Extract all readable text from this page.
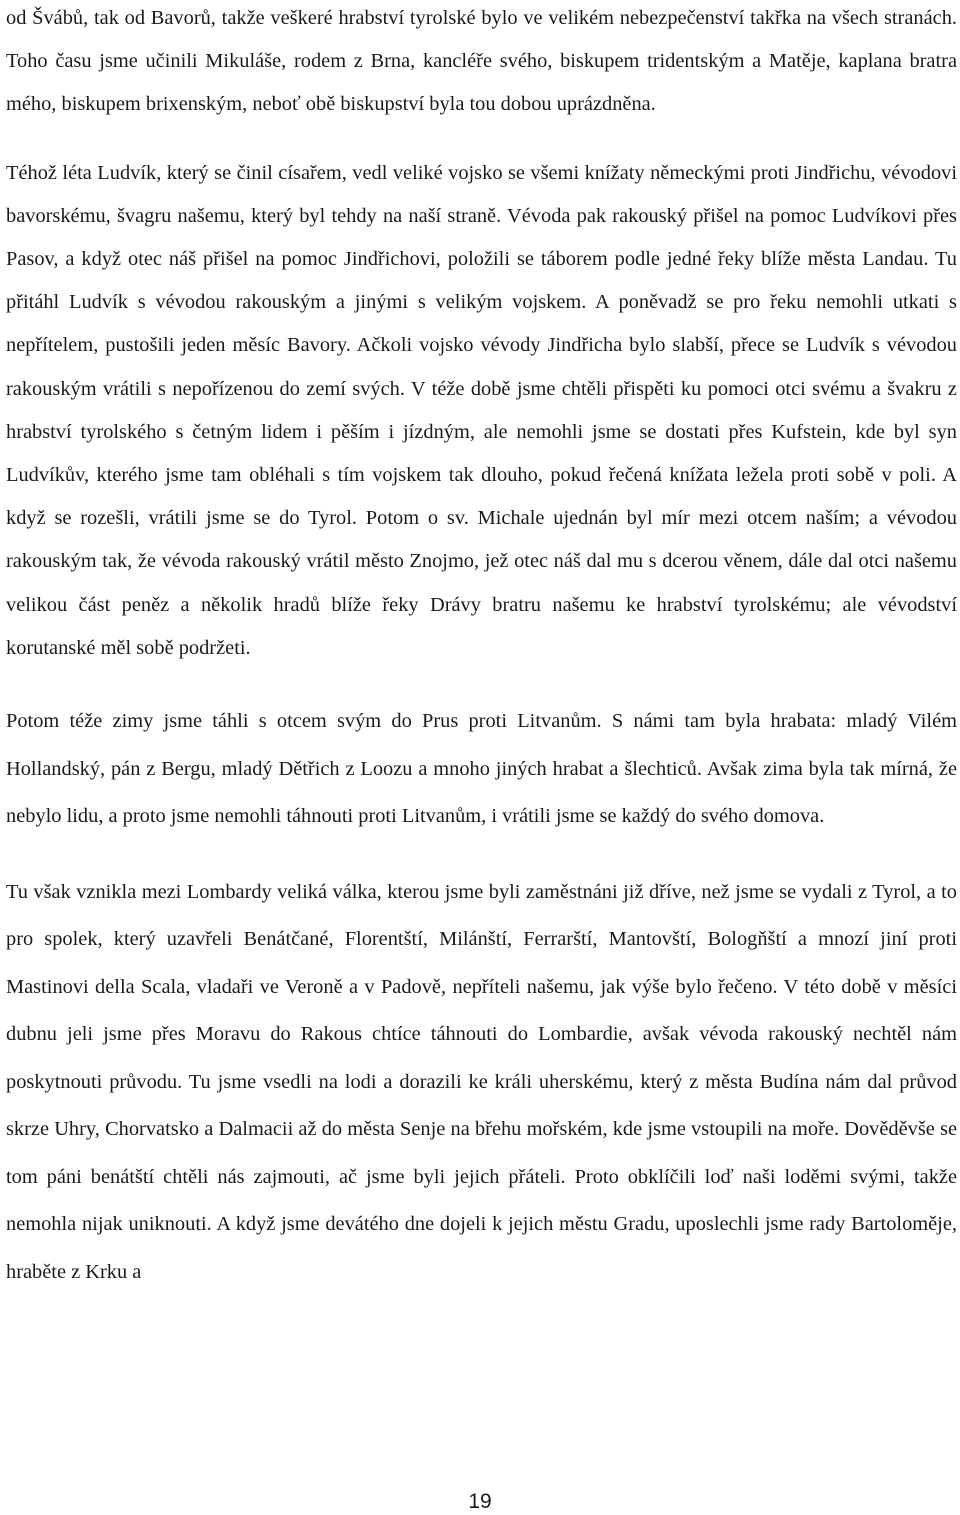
od Švábů, tak od Bavorů, takže veškeré hrabství tyrolské bylo ve velikém nebezpečenství takřka na všech stranách. Toho času jsme učinili Mikuláše, rodem z Brna, kancléře svého, biskupem tridentským a Matěje, kaplana bratra mého, biskupem brixenským, neboť obě biskupství byla tou dobou uprázdněna.

Téhož léta Ludvík, který se činil císařem, vedl veliké vojsko se všemi knížaty německými proti Jindřichu, vévodovi bavorskému, švagru našemu, který byl tehdy na naší straně. Vévoda pak rakouský přišel na pomoc Ludvíkovi přes Pasov, a když otec náš přišel na pomoc Jindřichovi, položili se táborem podle jedné řeky blíže města Landau. Tu přitáhl Ludvík s vévodou rakouským a jinými s velikým vojskem. A poněvadž se pro řeku nemohli utkati s nepřítelem, pustošili jeden měsíc Bavory. Ačkoli vojsko vévody Jindřicha bylo slabší, přece se Ludvík s vévodou rakouským vrátili s nepořízenou do zemí svých. V téže době jsme chtěli přispěti ku pomoci otci svému a švakru z hrabství tyrolského s četným lidem i pěším i jízdným, ale nemohli jsme se dostati přes Kufstein, kde byl syn Ludvíkův, kterého jsme tam obléhali s tím vojskem tak dlouho, pokud řečená knížata ležela proti sobě v poli. A když se rozešli, vrátili jsme se do Tyrol. Potom o sv. Michale ujednán byl mír mezi otcem naším; a vévodou rakouským tak, že vévoda rakouský vrátil město Znojmo, jež otec náš dal mu s dcerou věnem, dále dal otci našemu velikou část peněz a několik hradů blíže řeky Drávy bratru našemu ke hrabství tyrolskému; ale vévodství korutanské měl sobě podržeti.

Potom téže zimy jsme táhli s otcem svým do Prus proti Litvanům. S námi tam byla hrabata: mladý Vilém Hollandský, pán z Bergu, mladý Dětřich z Loozu a mnoho jiných hrabat a šlechticů. Avšak zima byla tak mírná, že nebylo lidu, a proto jsme nemohli táhnouti proti Litvanům, i vrátili jsme se každý do svého domova.

Tu však vznikla mezi Lombardy veliká válka, kterou jsme byli zaměstnáni již dříve, než jsme se vydali z Tyrol, a to pro spolek, který uzavřeli Benátčané, Florentští, Milánští, Ferrarští, Mantovští, Bologňští a mnozí jiní proti Mastinovi della Scala, vladaři ve Veroně a v Padově, nepříteli našemu, jak výše bylo řečeno. V této době v měsíci dubnu jeli jsme přes Moravu do Rakous chtíce táhnouti do Lombardie, avšak vévoda rakouský nechtěl nám poskytnouti průvodu. Tu jsme vsedli na lodi a dorazili ke králi uherskému, který z města Budína nám dal průvod skrze Uhry, Chorvatsko a Dalmacii až do města Senje na břehu mořském, kde jsme vstoupili na moře. Dověděvše se tom páni benátští chtěli nás zajmouti, ač jsme byli jejich přáteli. Proto obklíčili loď naši loděmi svými, takže nemohla nijak uniknouti. A když jsme devátého dne dojeli k jejich městu Gradu, uposlechli jsme rady Bartoloměje, hraběte z Krku a

19
